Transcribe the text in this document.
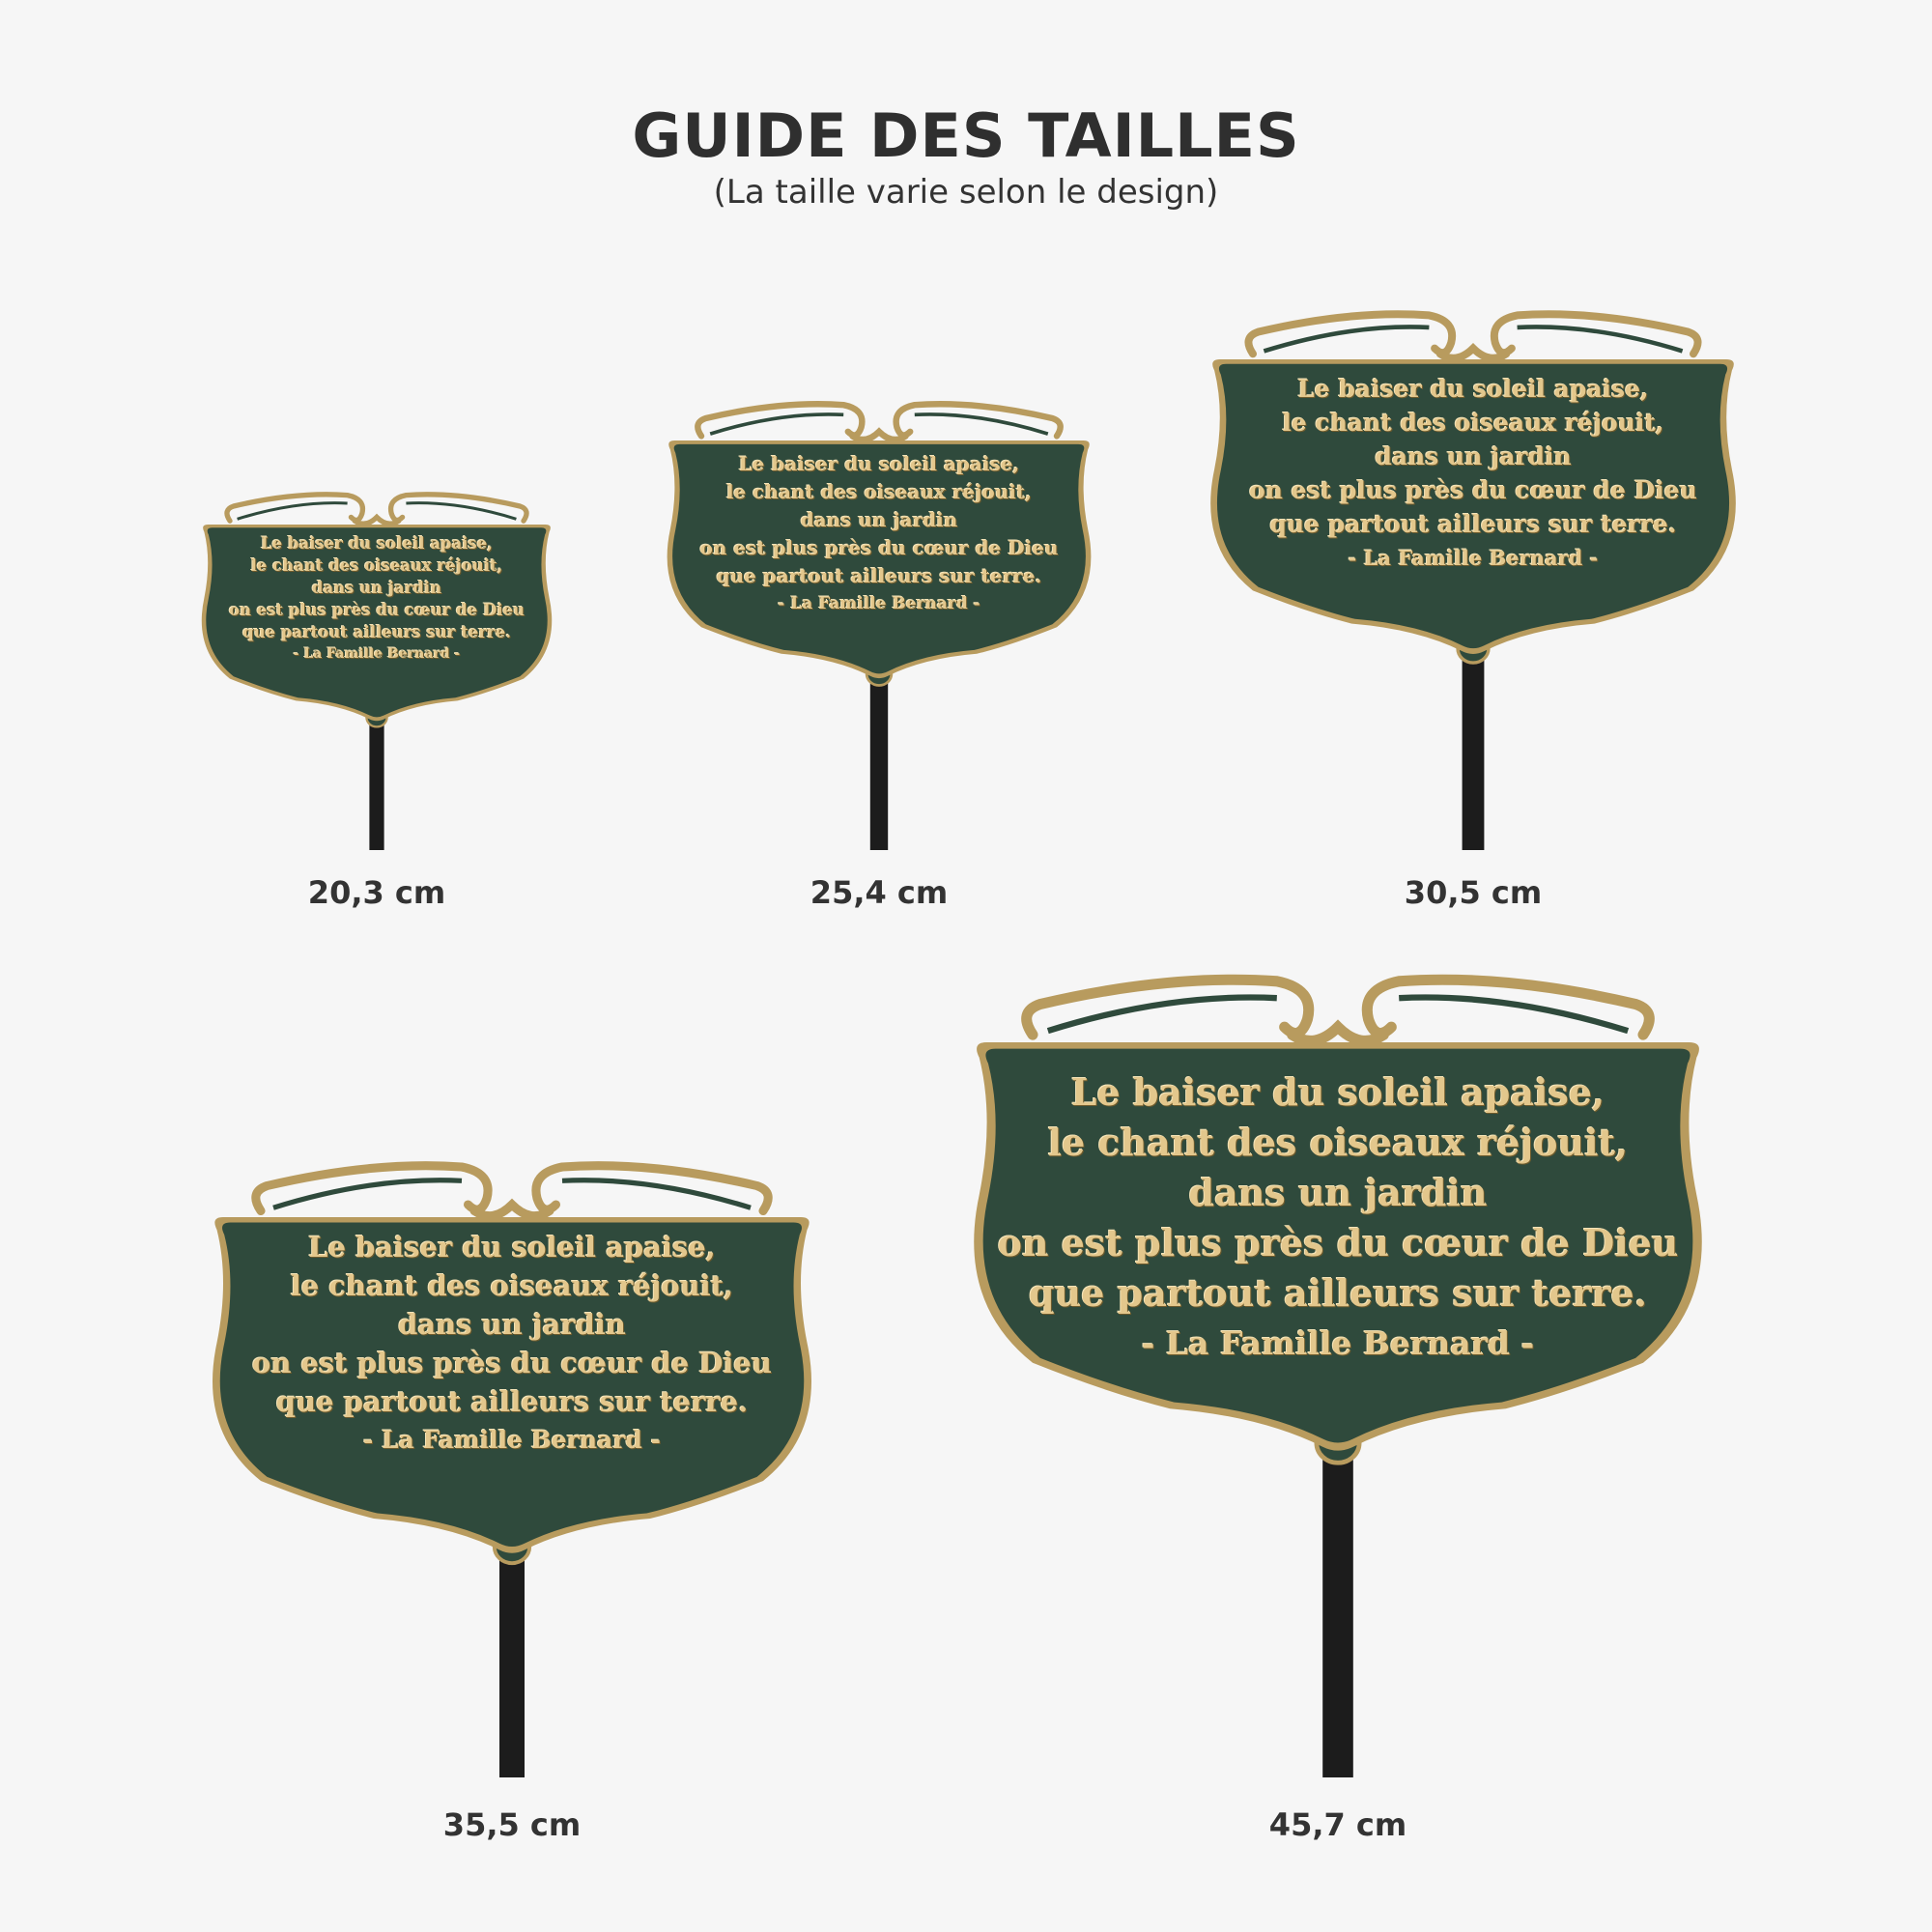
GUIDE DES TAILLES
(La taille varie selon le design)
Le baiser du soleil apaise,
le chant des oiseaux réjouit,
dans un jardin
on est plus près du cœur de Dieu
que partout ailleurs sur terre.
- La Famille Bernard -
20,3 cm
Le baiser du soleil apaise,
le chant des oiseaux réjouit,
dans un jardin
on est plus près du cœur de Dieu
que partout ailleurs sur terre.
- La Famille Bernard -
25,4 cm
Le baiser du soleil apaise,
le chant des oiseaux réjouit,
dans un jardin
on est plus près du cœur de Dieu
que partout ailleurs sur terre.
- La Famille Bernard -
30,5 cm
Le baiser du soleil apaise,
le chant des oiseaux réjouit,
dans un jardin
on est plus près du cœur de Dieu
que partout ailleurs sur terre.
- La Famille Bernard -
35,5 cm
Le baiser du soleil apaise,
le chant des oiseaux réjouit,
dans un jardin
on est plus près du cœur de Dieu
que partout ailleurs sur terre.
- La Famille Bernard -
45,7 cm
